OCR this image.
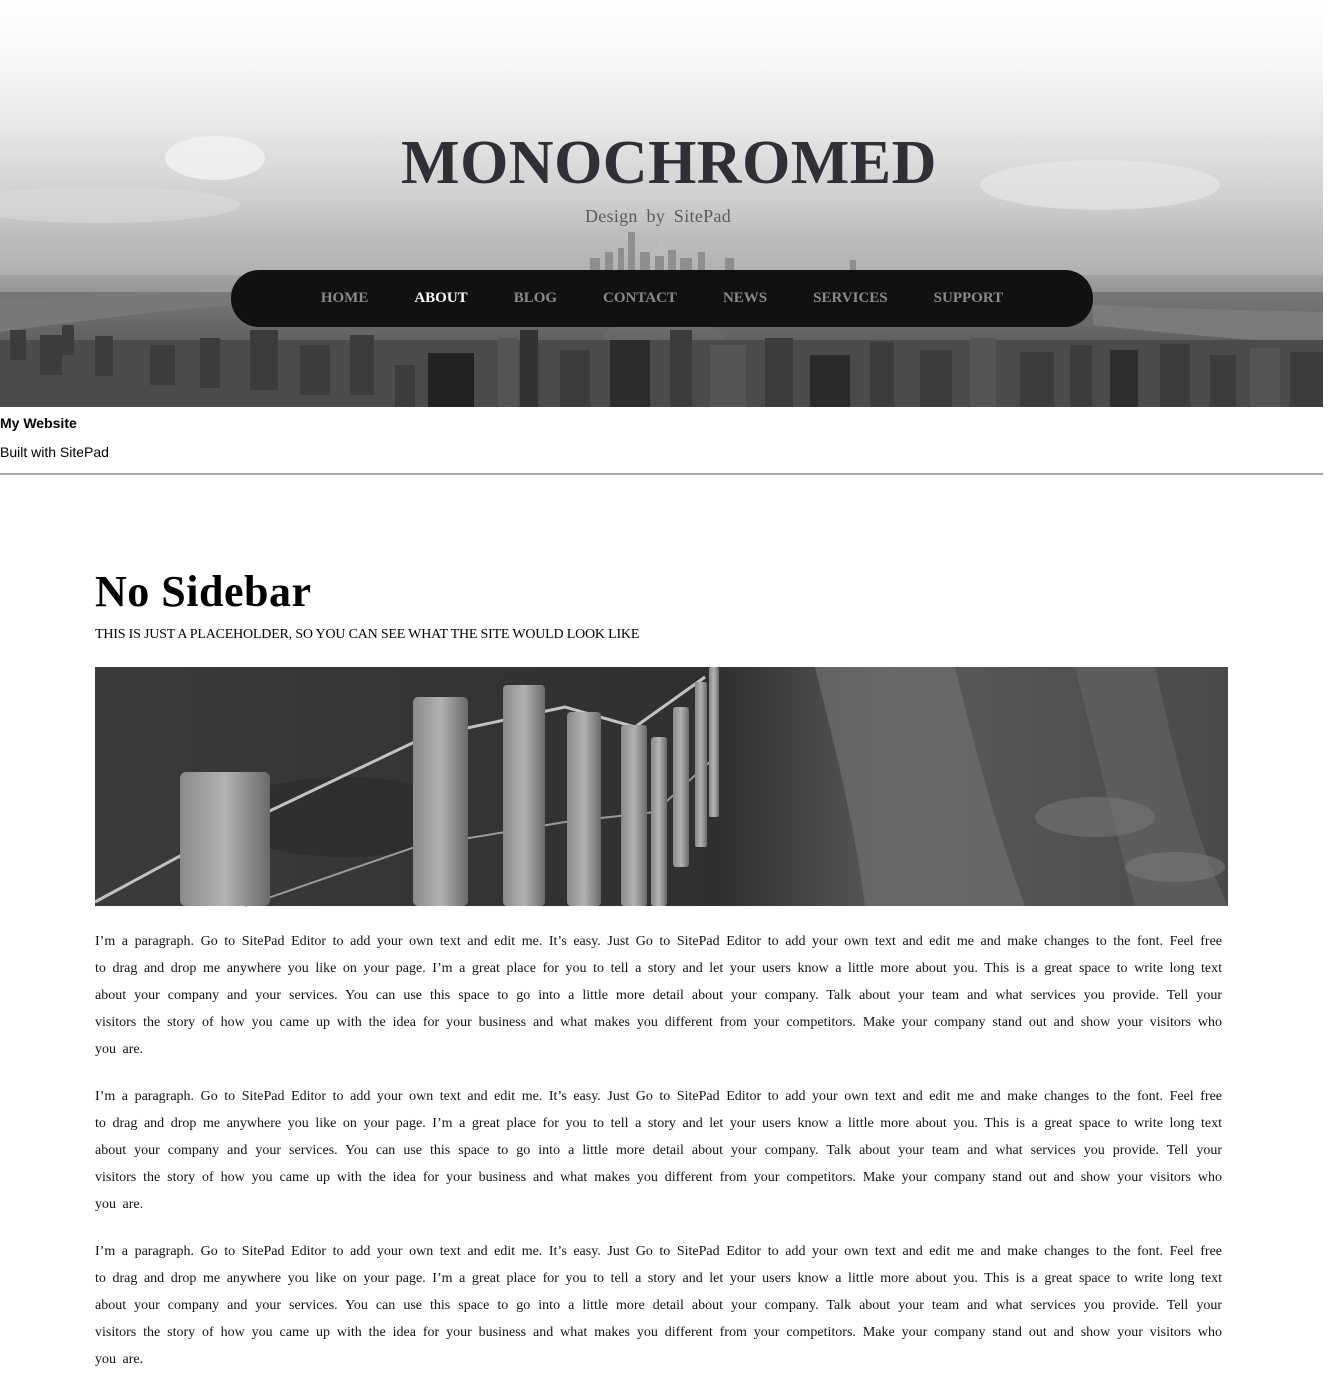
MONOCHROMED
Design by SitePad
HOME	ABOUT	BLOG	CONTACT	NEWS	SERVICES	SUPPORT
My Website
Built with SitePad
No Sidebar
THIS IS JUST A PLACEHOLDER, SO YOU CAN SEE WHAT THE SITE WOULD LOOK LIKE

I’m a paragraph. Go to SitePad Editor to add your own text and edit me. It’s easy. Just Go to SitePad Editor to add your own text and edit me and make changes to the font. Feel free to drag and drop me anywhere you like on your page. I’m a great place for you to tell a story and let your users know a little more about you. This is a great space to write long text about your company and your services. You can use this space to go into a little more detail about your company. Talk about your team and what services you provide. Tell your visitors the story of how you came up with the idea for your business and what makes you different from your competitors. Make your company stand out and show your visitors who you are.

I’m a paragraph. Go to SitePad Editor to add your own text and edit me. It’s easy. Just Go to SitePad Editor to add your own text and edit me and make changes to the font. Feel free to drag and drop me anywhere you like on your page. I’m a great place for you to tell a story and let your users know a little more about you. This is a great space to write long text about your company and your services. You can use this space to go into a little more detail about your company. Talk about your team and what services you provide. Tell your visitors the story of how you came up with the idea for your business and what makes you different from your competitors. Make your company stand out and show your visitors who you are.

I’m a paragraph. Go to SitePad Editor to add your own text and edit me. It’s easy. Just Go to SitePad Editor to add your own text and edit me and make changes to the font. Feel free to drag and drop me anywhere you like on your page. I’m a great place for you to tell a story and let your users know a little more about you. This is a great space to write long text about your company and your services. You can use this space to go into a little more detail about your company. Talk about your team and what services you provide. Tell your visitors the story of how you came up with the idea for your business and what makes you different from your competitors. Make your company stand out and show your visitors who you are.
